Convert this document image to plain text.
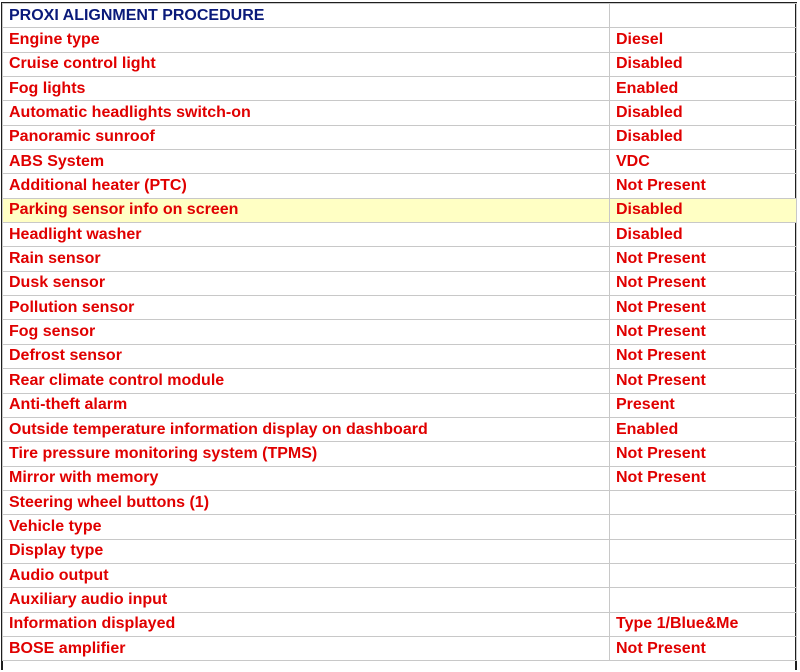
PROXI ALIGNMENT PROCEDURE	
Engine type	Diesel
Cruise control light	Disabled
Fog lights	Enabled
Automatic headlights switch-on	Disabled
Panoramic sunroof	Disabled
ABS System	VDC
Additional heater (PTC)	Not Present
Parking sensor info on screen	Disabled
Headlight washer	Disabled
Rain sensor	Not Present
Dusk sensor	Not Present
Pollution sensor	Not Present
Fog sensor	Not Present
Defrost sensor	Not Present
Rear climate control module	Not Present
Anti-theft alarm	Present
Outside temperature information display on dashboard	Enabled
Tire pressure monitoring system (TPMS)	Not Present
Mirror with memory	Not Present
Steering wheel buttons (1)	
Vehicle type	
Display type	
Audio output	
Auxiliary audio input	
Information displayed	Type 1/Blue&Me
BOSE amplifier	Not Present
